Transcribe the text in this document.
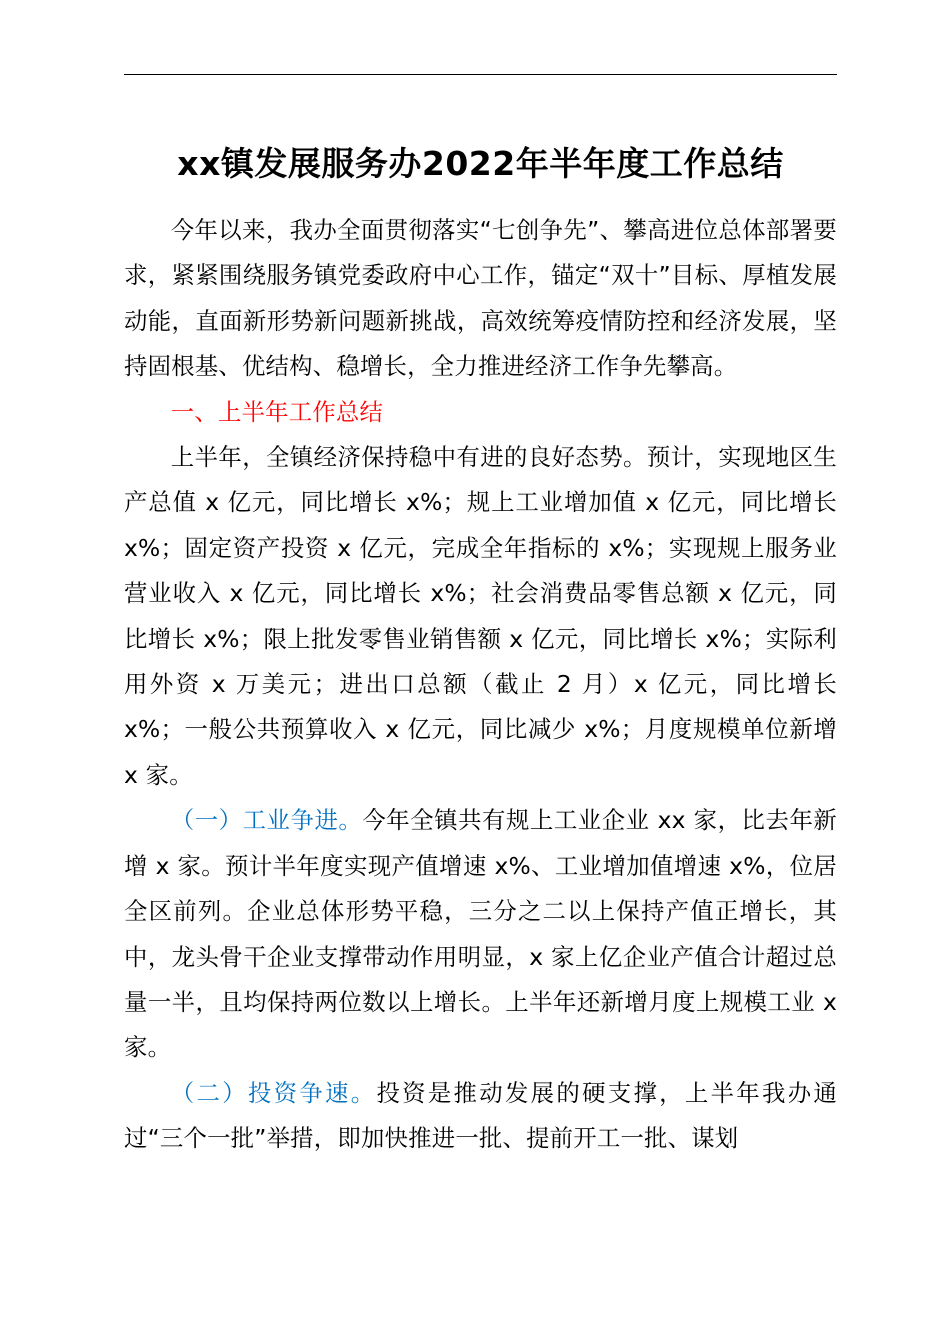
xx镇发展服务办2022年半年度工作总结

今年以来，我办全面贯彻落实“七创争先”、攀高进位总体部署要求，紧紧围绕服务镇党委政府中心工作，锚定“双十”目标、厚植发展动能，直面新形势新问题新挑战，高效统筹疫情防控和经济发展，坚持固根基、优结构、稳增长，全力推进经济工作争先攀高。

一、上半年工作总结

上半年，全镇经济保持稳中有进的良好态势。预计，实现地区生产总值 x 亿元，同比增长 x%；规上工业增加值 x 亿元，同比增长 x%；固定资产投资 x 亿元，完成全年指标的 x%；实现规上服务业营业收入 x 亿元，同比增长 x%；社会消费品零售总额 x 亿元，同比增长 x%；限上批发零售业销售额 x 亿元，同比增长 x%；实际利用外资 x 万美元；进出口总额（截止 2 月）x 亿元，同比增长 x%；一般公共预算收入 x 亿元，同比减少 x%；月度规模单位新增 x 家。

（一）工业争进。今年全镇共有规上工业企业 xx 家，比去年新增 x 家。预计半年度实现产值增速 x%、工业增加值增速 x%，位居全区前列。企业总体形势平稳，三分之二以上保持产值正增长，其中，龙头骨干企业支撑带动作用明显，x 家上亿企业产值合计超过总量一半，且均保持两位数以上增长。上半年还新增月度上规模工业 x 家。

（二）投资争速。投资是推动发展的硬支撑，上半年我办通过“三个一批”举措，即加快推进一批、提前开工一批、谋划
